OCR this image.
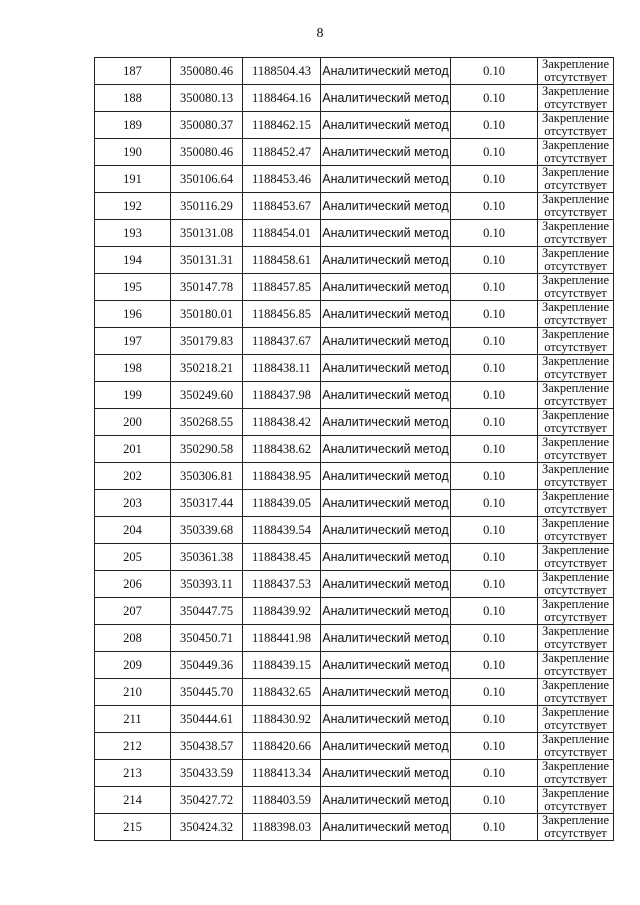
8
187	350080.46	1188504.43	Аналитический метод	0.10	Закрепление отсутствует
188	350080.13	1188464.16	Аналитический метод	0.10	Закрепление отсутствует
189	350080.37	1188462.15	Аналитический метод	0.10	Закрепление отсутствует
190	350080.46	1188452.47	Аналитический метод	0.10	Закрепление отсутствует
191	350106.64	1188453.46	Аналитический метод	0.10	Закрепление отсутствует
192	350116.29	1188453.67	Аналитический метод	0.10	Закрепление отсутствует
193	350131.08	1188454.01	Аналитический метод	0.10	Закрепление отсутствует
194	350131.31	1188458.61	Аналитический метод	0.10	Закрепление отсутствует
195	350147.78	1188457.85	Аналитический метод	0.10	Закрепление отсутствует
196	350180.01	1188456.85	Аналитический метод	0.10	Закрепление отсутствует
197	350179.83	1188437.67	Аналитический метод	0.10	Закрепление отсутствует
198	350218.21	1188438.11	Аналитический метод	0.10	Закрепление отсутствует
199	350249.60	1188437.98	Аналитический метод	0.10	Закрепление отсутствует
200	350268.55	1188438.42	Аналитический метод	0.10	Закрепление отсутствует
201	350290.58	1188438.62	Аналитический метод	0.10	Закрепление отсутствует
202	350306.81	1188438.95	Аналитический метод	0.10	Закрепление отсутствует
203	350317.44	1188439.05	Аналитический метод	0.10	Закрепление отсутствует
204	350339.68	1188439.54	Аналитический метод	0.10	Закрепление отсутствует
205	350361.38	1188438.45	Аналитический метод	0.10	Закрепление отсутствует
206	350393.11	1188437.53	Аналитический метод	0.10	Закрепление отсутствует
207	350447.75	1188439.92	Аналитический метод	0.10	Закрепление отсутствует
208	350450.71	1188441.98	Аналитический метод	0.10	Закрепление отсутствует
209	350449.36	1188439.15	Аналитический метод	0.10	Закрепление отсутствует
210	350445.70	1188432.65	Аналитический метод	0.10	Закрепление отсутствует
211	350444.61	1188430.92	Аналитический метод	0.10	Закрепление отсутствует
212	350438.57	1188420.66	Аналитический метод	0.10	Закрепление отсутствует
213	350433.59	1188413.34	Аналитический метод	0.10	Закрепление отсутствует
214	350427.72	1188403.59	Аналитический метод	0.10	Закрепление отсутствует
215	350424.32	1188398.03	Аналитический метод	0.10	Закрепление отсутствует
